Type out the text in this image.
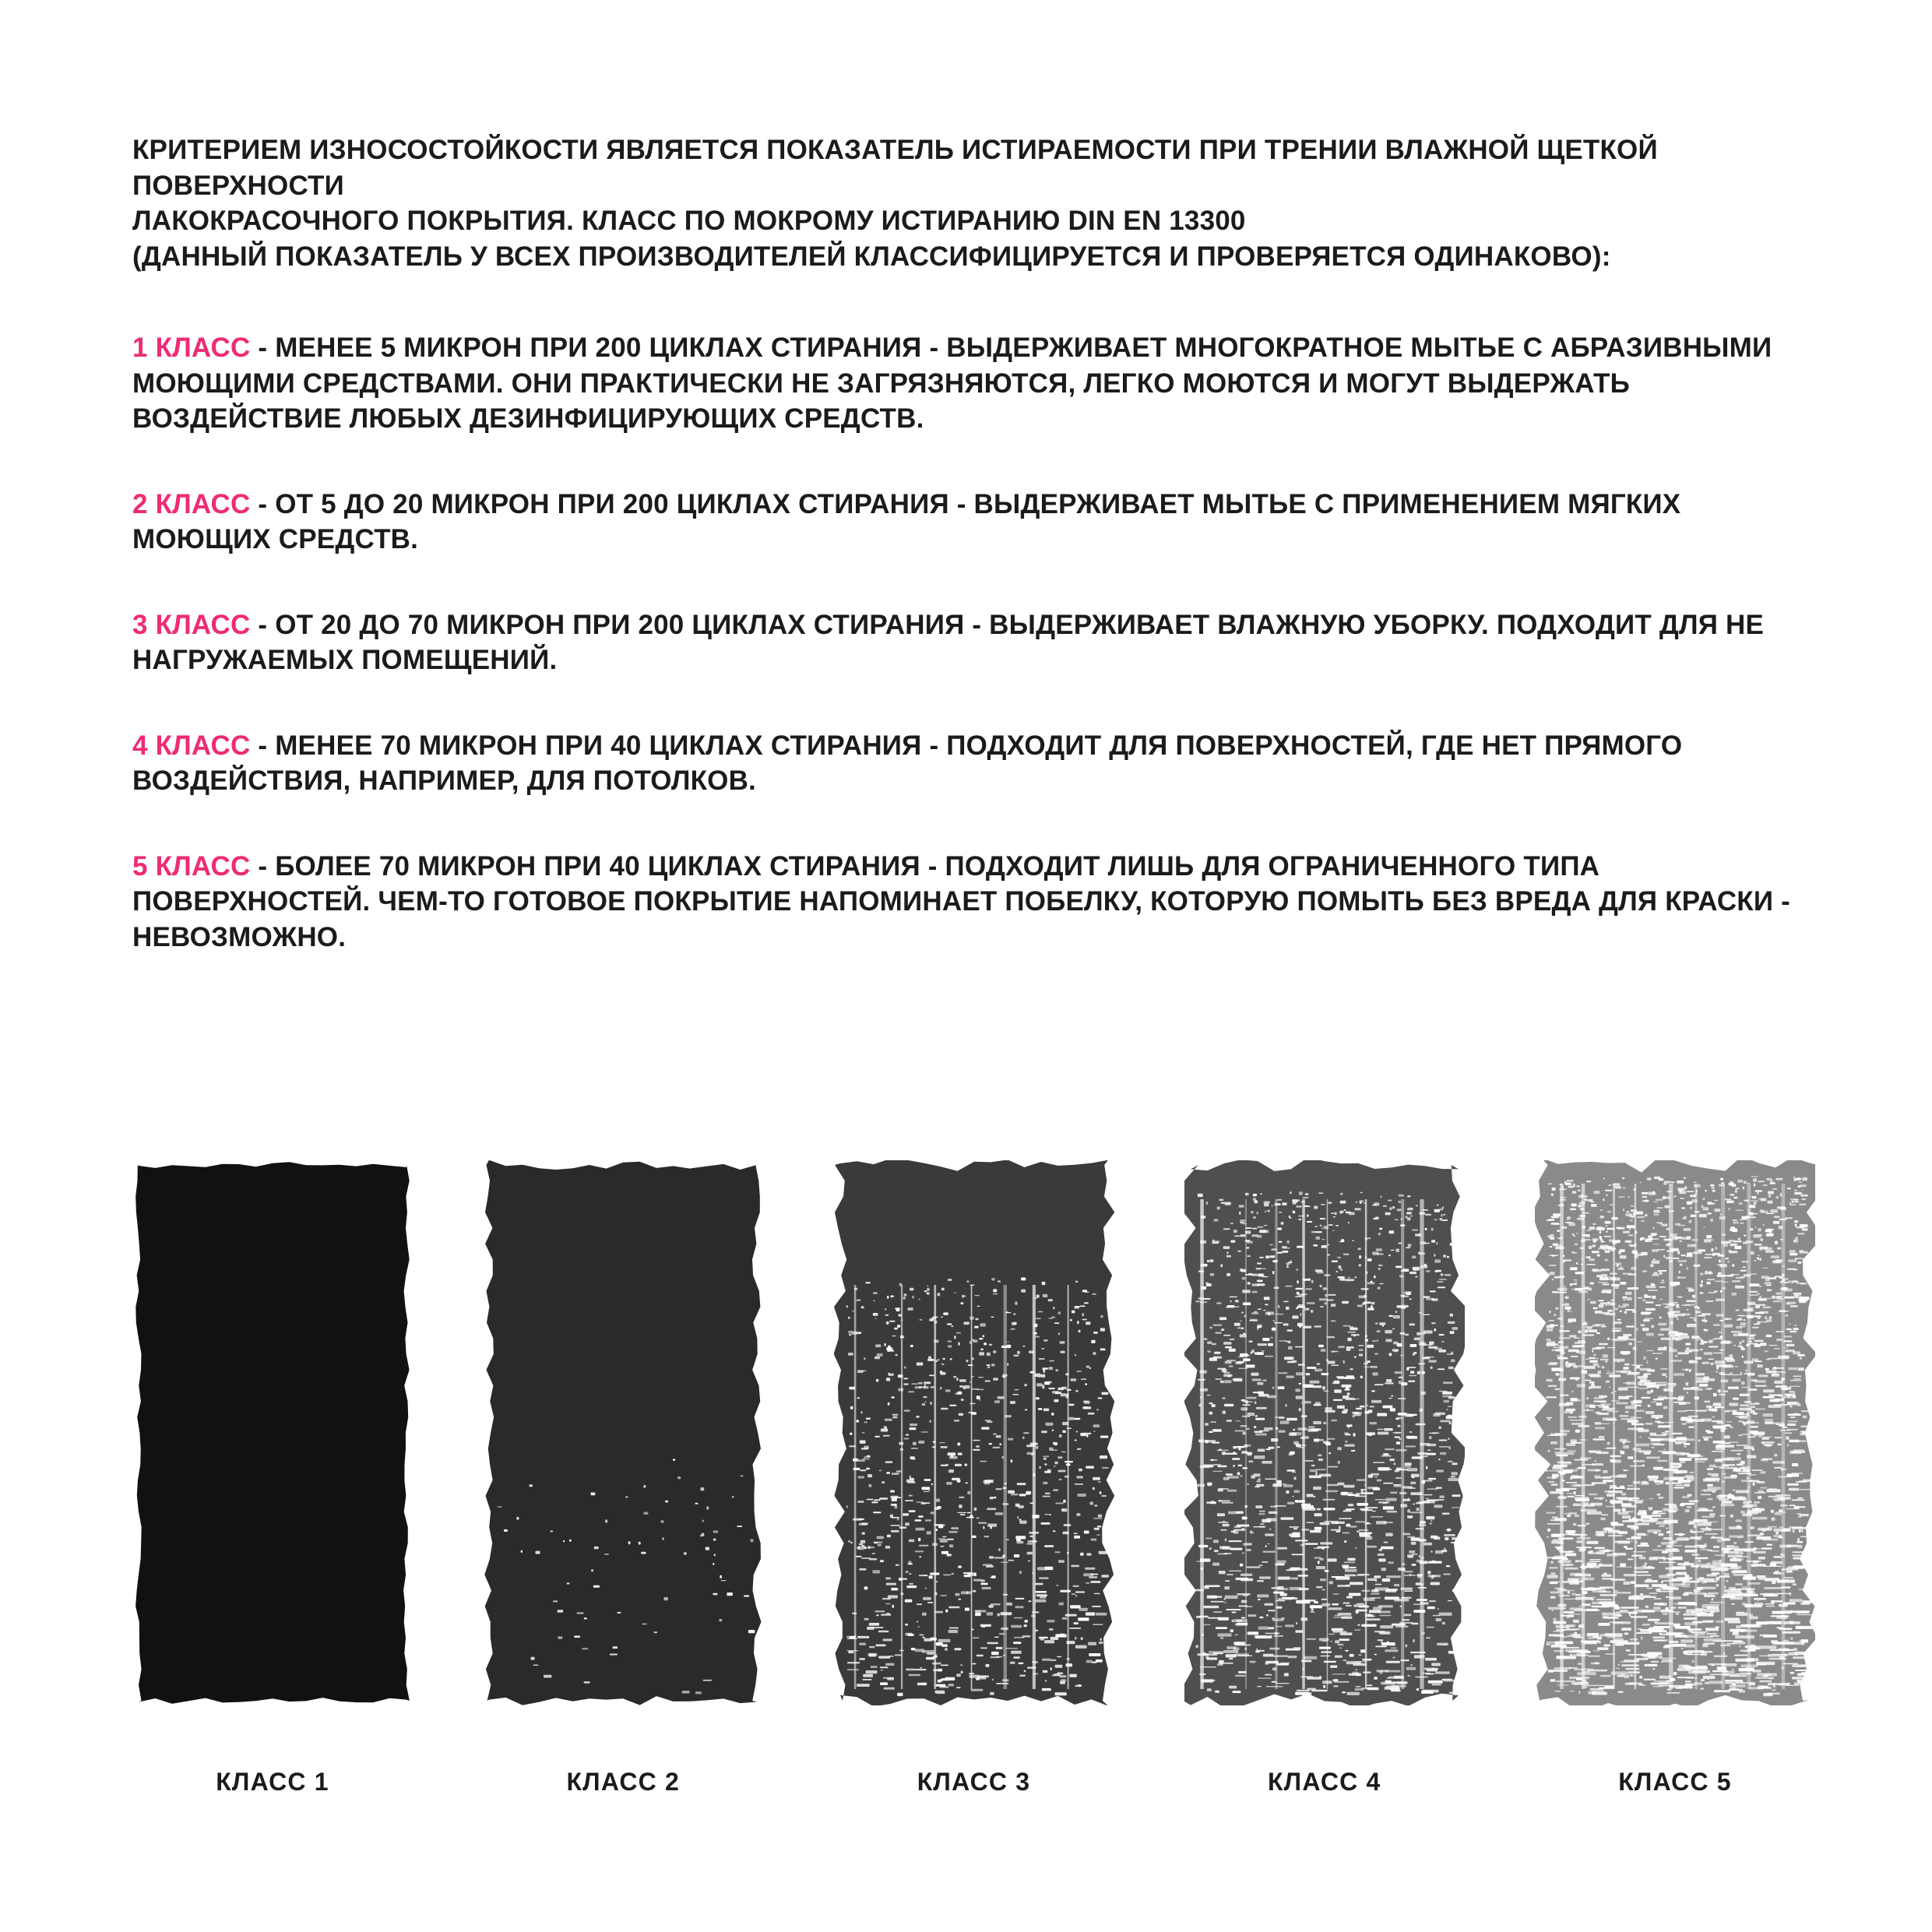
КРИТЕРИЕМ ИЗНОСОСТОЙКОСТИ ЯВЛЯЕТСЯ ПОКАЗАТЕЛЬ ИСТИРАЕМОСТИ ПРИ ТРЕНИИ ВЛАЖНОЙ ЩЕТКОЙ ПОВЕРХНОСТИ
ЛАКОКРАСОЧНОГО ПОКРЫТИЯ. КЛАСС ПО МОКРОМУ ИСТИРАНИЮ DIN EN 13300
(ДАННЫЙ ПОКАЗАТЕЛЬ У ВСЕХ ПРОИЗВОДИТЕЛЕЙ КЛАССИФИЦИРУЕТСЯ И ПРОВЕРЯЕТСЯ ОДИНАКОВО):

1 КЛАСС - МЕНЕЕ 5 МИКРОН ПРИ 200 ЦИКЛАХ СТИРАНИЯ - ВЫДЕРЖИВАЕТ МНОГОКРАТНОЕ МЫТЬЕ С АБРАЗИВНЫМИ МОЮЩИМИ СРЕДСТВАМИ. ОНИ ПРАКТИЧЕСКИ НЕ ЗАГРЯЗНЯЮТСЯ, ЛЕГКО МОЮТСЯ И МОГУТ ВЫДЕРЖАТЬ ВОЗДЕЙСТВИЕ ЛЮБЫХ ДЕЗИНФИЦИРУЮЩИХ СРЕДСТВ.

2 КЛАСС - ОТ 5 ДО 20 МИКРОН ПРИ 200 ЦИКЛАХ СТИРАНИЯ - ВЫДЕРЖИВАЕТ МЫТЬЕ С ПРИМЕНЕНИЕМ МЯГКИХ МОЮЩИХ СРЕДСТВ.

3 КЛАСС - ОТ 20 ДО 70 МИКРОН ПРИ 200 ЦИКЛАХ СТИРАНИЯ - ВЫДЕРЖИВАЕТ ВЛАЖНУЮ УБОРКУ. ПОДХОДИТ ДЛЯ НЕ НАГРУЖАЕМЫХ ПОМЕЩЕНИЙ.

4 КЛАСС - МЕНЕЕ 70 МИКРОН ПРИ 40 ЦИКЛАХ СТИРАНИЯ - ПОДХОДИТ ДЛЯ ПОВЕРХНОСТЕЙ, ГДЕ НЕТ ПРЯМОГО ВОЗДЕЙСТВИЯ, НАПРИМЕР, ДЛЯ ПОТОЛКОВ.

5 КЛАСС - БОЛЕЕ 70 МИКРОН ПРИ 40 ЦИКЛАХ СТИРАНИЯ - ПОДХОДИТ ЛИШЬ ДЛЯ ОГРАНИЧЕННОГО ТИПА ПОВЕРХНОСТЕЙ. ЧЕМ-ТО ГОТОВОЕ ПОКРЫТИЕ НАПОМИНАЕТ ПОБЕЛКУ, КОТОРУЮ ПОМЫТЬ БЕЗ ВРЕДА ДЛЯ КРАСКИ - НЕВОЗМОЖНО.

КЛАСС 1	КЛАСС 2	КЛАСС 3	КЛАСС 4	КЛАСС 5
